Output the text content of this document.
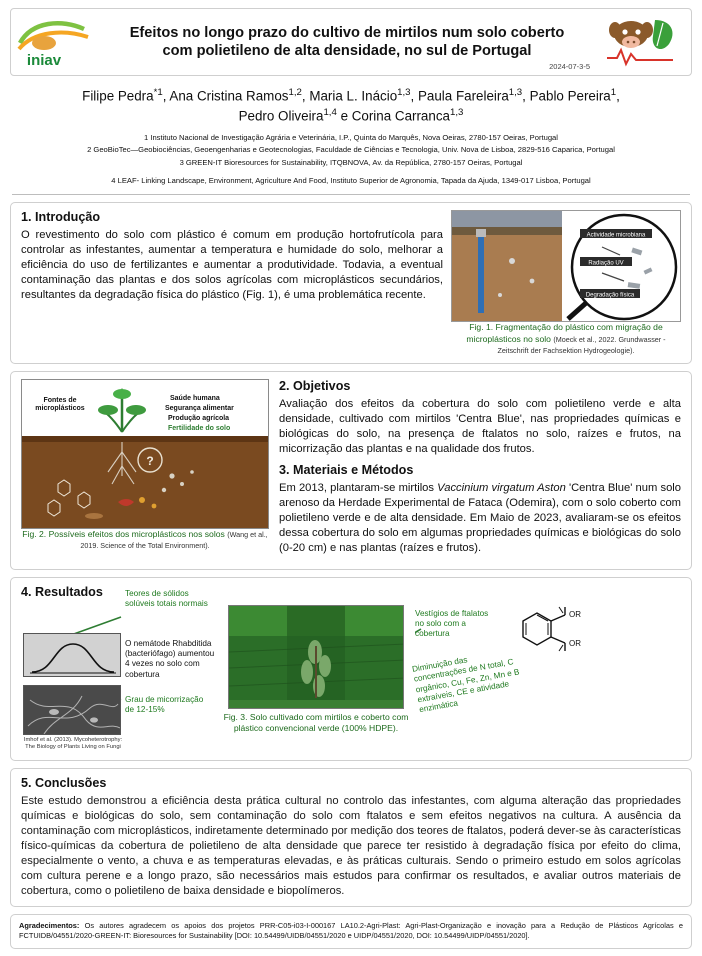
iniav
Efeitos no longo prazo do cultivo de mirtilos num solo coberto
com polietileno de alta densidade, no sul de Portugal
2024-07-3-5
Filipe Pedra$^{*1}$, Ana Cristina Ramos$^{1,2}$, Maria L. Inácio$^{1,3}$, Paula Fareleira$^{1,3}$, Pablo Pereira$^1$,
Pedro Oliveira$^{1,4}$ e Corina Carranca$^{1,3}$
1 Instituto Nacional de Investigação Agrária e Veterinária, I.P., Quinta do Marquês, Nova Oeiras, 2780-157 Oeiras, Portugal
2 GeoBioTec—Geobiociências, Geoengenharias e Geotecnologias, Faculdade de Ciências e Tecnologia, Univ. Nova de Lisboa, 2829-516 Caparica, Portugal
3 GREEN-IT Bioresources for Sustainability, ITQBNOVA, Av. da República, 2780-157 Oeiras, Portugal
4 LEAF- Linking Landscape, Environment, Agriculture And Food, Instituto Superior de Agronomia, Tapada da Ajuda, 1349-017 Lisboa, Portugal
1. Introdução

O revestimento do solo com plástico é comum em produção hortofrutícola para controlar as infestantes, aumentar a temperatura e humidade do solo, melhorar a eficiência do uso de fertilizantes e aumentar a produtividade. Todavia, a eventual contaminação das plantas e dos solos agrícolas com microplásticos secundários, resultantes da degradação física do plástico (Fig. 1), é uma problemática recente.

Actividade microbiana
Radiação UV
Degradação física
Fig. 1. Fragmentação do plástico com migração de microplásticos no solo (Moeck et al., 2022. Grundwasser - Zeitschrift der Fachsektion Hydrogeologie).
Fontes de
microplásticos
Saúde humana
Segurança alimentar
Produção agrícola
Fertilidade do solo
?
Fig. 2. Possíveis efeitos dos microplásticos nos solos (Wang et al., 2019. Science of the Total Environment).
2. Objetivos

Avaliação dos efeitos da cobertura do solo com polietileno verde e alta densidade, cultivado com mirtilos 'Centra Blue', nas propriedades químicas e biológicas do solo, na presença de ftalatos no solo, raízes e frutos, na micorrização das plantas e na qualidade dos frutos.

3. Materiais e Métodos

Em 2013, plantaram-se mirtilos Vaccinium virgatum Aston 'Centra Blue' num solo arenoso da Herdade Experimental de Fataca (Odemira), com o solo coberto com polietileno verde e de alta densidade. Em Maio de 2023, avaliaram-se os efeitos dessa cobertura do solo em algumas propriedades químicas e biológicas do solo (0-20 cm) e nas plantas (raízes e frutos).

4. Resultados	Teores de sólidos solúveis totais normais
O nemátode Rhabditida (bacteriófago) aumentou 4 vezes no solo com cobertura
Grau de micorrização de 12-15%
Imhof et al. (2013). Mycoheterotrophy: The Biology of Plants Living on Fungi
Fig. 3. Solo cultivado com mirtilos e coberto com plástico convencional verde (100% HDPE).
Vestígios de ftalatos no solo com a cobertura
OR
OR
Diminuição das concentrações de N total, C orgânico, Cu, Fe, Zn, Mn e B extraíveis, CE e atividade enzimática
5. Conclusões

Este estudo demonstrou a eficiência desta prática cultural no controlo das infestantes, com alguma alteração das propriedades químicas e biológicas do solo, sem contaminação do solo com ftalatos e sem efeitos negativos na cultura. A ausência da contaminação com microplásticos, indiretamente determinado por medição dos teores de ftalatos, poderá dever-se às características físico-químicas da cobertura de polietileno de alta densidade que parece ter resistido à degradação física por efeito do clima, especialmente o vento, a chuva e as temperaturas elevadas, e às práticas culturais. Sendo o primeiro estudo em solos agrícolas com cultura perene e a longo prazo, são necessários mais estudos para confirmar os resultados, e avaliar outros materiais de cobertura, como o polietileno de baixa densidade e biopolímeros.

Agradecimentos: Os autores agradecem os apoios dos projetos PRR-C05-i03-I-000167 LA10.2-Agri-Plast: Agri-Plast-Organização e inovação para a Redução de Plásticos Agrícolas e FCTUIDB/04551/2020-GREEN-IT: Bioresources for Sustainability [DOI: 10.54499/UIDB/04551/2020 e UIDP/04551/2020, DOI: 10.54499/UIDP/04551/2020].
